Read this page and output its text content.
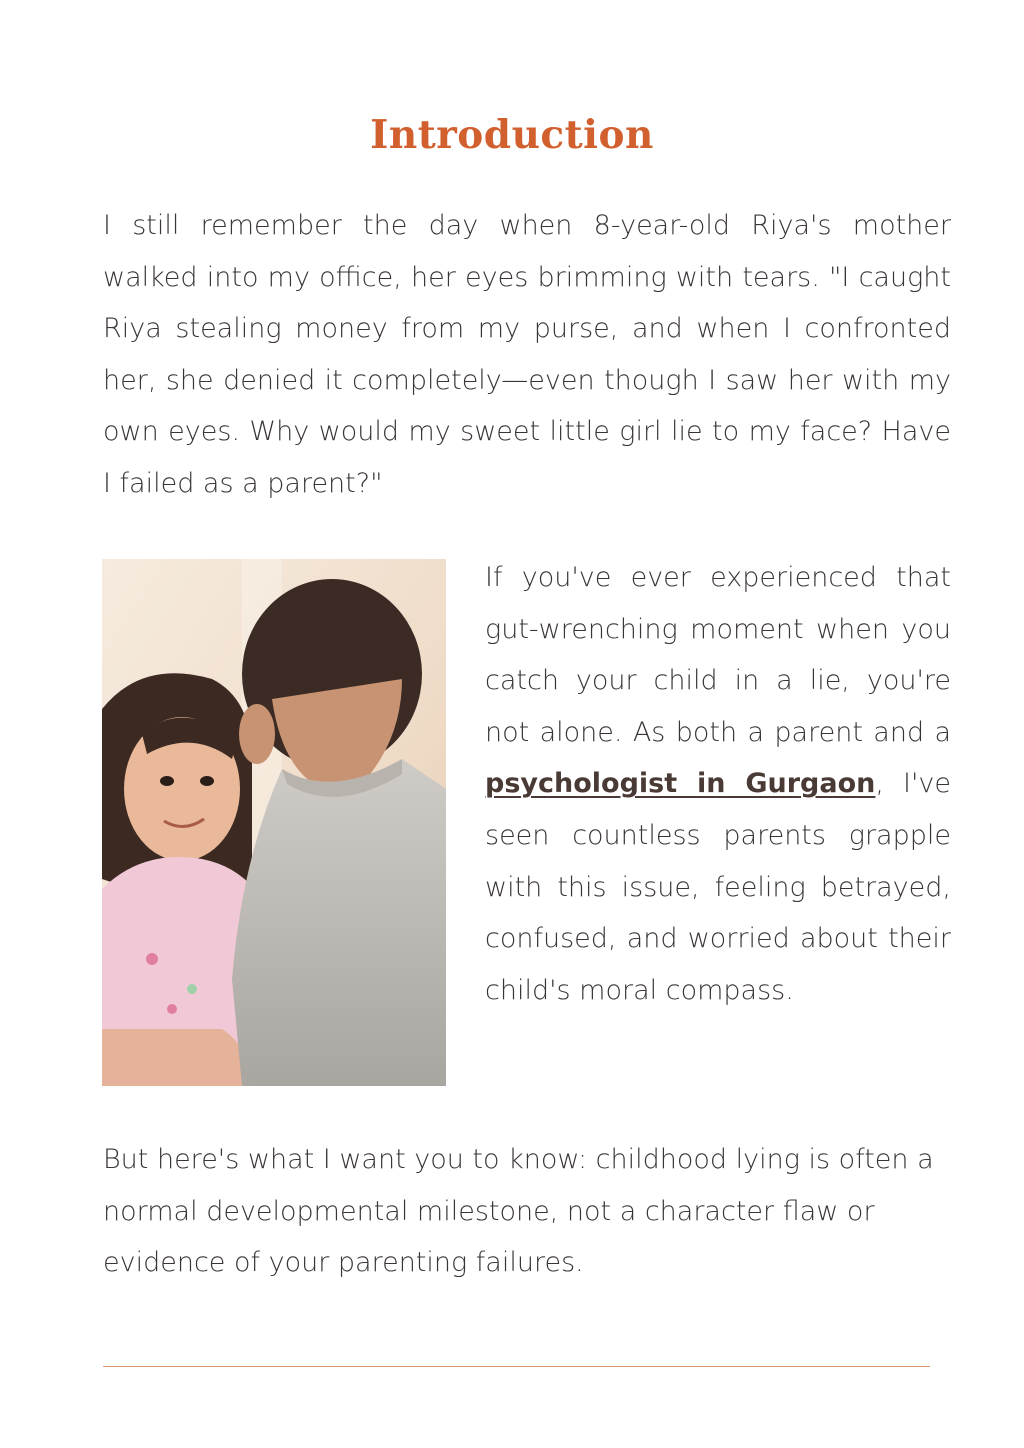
Introduction

I still remember the day when 8-year-old Riya's mother walked into my office, her eyes brimming with tears. "I caught Riya stealing money from my purse, and when I confronted her, she denied it completely—even though I saw her with my own eyes. Why would my sweet little girl lie to my face? Have I failed as a parent?"

If you've ever experienced that gut-wrenching moment when you catch your child in a lie, you're not alone. As both a parent and a psychologist in Gurgaon, I've seen countless parents grapple with this issue, feeling betrayed, confused, and worried about their child's moral compass.

But here's what I want you to know: childhood lying is often a normal developmental milestone, not a character flaw or evidence of your parenting failures.
